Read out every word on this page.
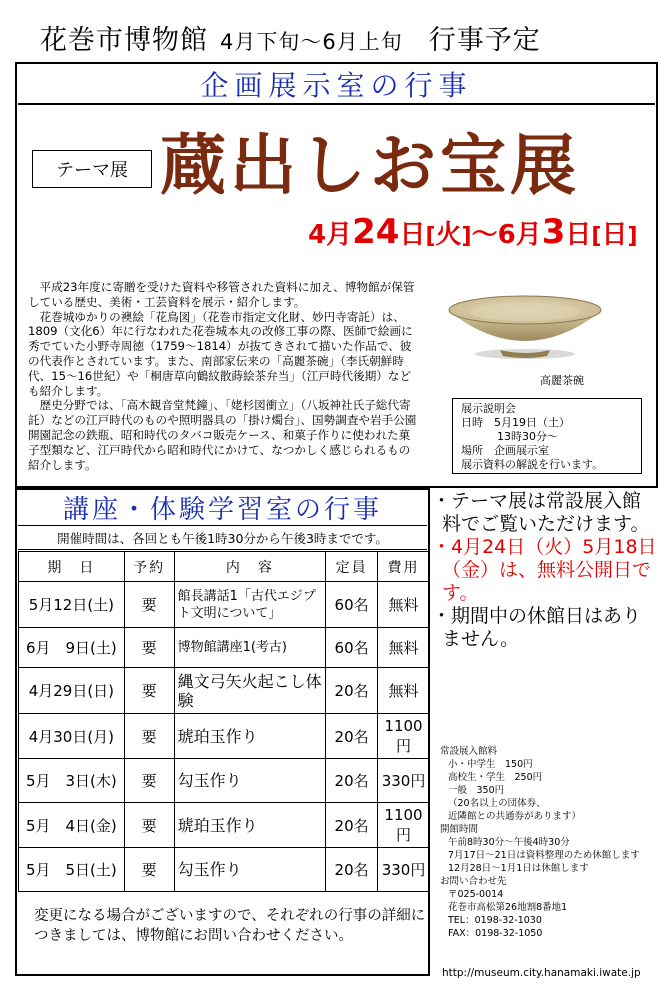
花巻市博物館 4月下旬～6月上旬 行事予定
企画展示室の行事
テーマ展 蔵出しお宝展
4月24日[火]〜6月3日[日]

平成23年度に寄贈を受けた資料や移管された資料に加え、博物館が保管している歴史、美術・工芸資料を展示・紹介します。

花巻城ゆかりの襖絵「花鳥図」（花巻市指定文化財、妙円寺寄託）は、1809（文化6）年に行なわれた花巻城本丸の改修工事の際、医師で絵画に秀でていた小野寺周徳（1759～1814）が抜てきされて描いた作品で、彼の代表作とされています。また、南部家伝来の「高麗茶碗」（李氏朝鮮時代、15～16世紀）や「桐唐草向鶴紋散蒔絵茶弁当」（江戸時代後期）なども紹介します。

歴史分野では、「高木観音堂梵鐘」、「姥杉図衝立」（八坂神社氏子総代寄託）などの江戸時代のものや照明器具の「掛け燭台」、国勢調査や岩手公園開園記念の鉄瓶、昭和時代のタバコ販売ケース、和菓子作りに使われた菓子型類など、江戸時代から昭和時代にかけて、なつかしく感じられるもの紹介します。

高麗茶碗
展示説明会
日時　 5月19日（土）
13時30分～
場所　 企画展示室
展示資料の解説を行います。
講座・体験学習室の行事
開催時間は、各回とも午後1時30分から午後3時までです。
期　日	予約	内　容	定員	費用
5月12日(土)	要	館長講話1「古代エジプト文明について」	60名	無料
6月　9日(土)	要	博物館講座1(考古)	60名	無料
4月29日(日)	要	縄文弓矢火起こし体験	20名	無料
4月30日(月)	要	琥珀玉作り	20名	1100円
5月　3日(木)	要	勾玉作り	20名	330円
5月　4日(金)	要	琥珀玉作り	20名	1100円
5月　5日(土)	要	勾玉作り	20名	330円
変更になる場合がございますので、それぞれの行事の詳細につきましては、博物館にお問い合わせください。
・テーマ展は常設展入館料でご覧いただけます。
・4月24日（火）5月18日（金）は、無料公開日です。
・期間中の休館日はありません。
常設展入館料
小・中学生　150円
高校生・学生　250円
一般　350円
（20名以上の団体券、
近隣館との共通券があります）
開館時間
午前8時30分～午後4時30分
7月17日～21日は資料整理のため休館します
12月28日～1月1日は休館します
お問い合わせ先
〒025-0014
花巻市高松第26地割8番地1
TEL：0198-32-1030
FAX：0198-32-1050
http://museum.city.hanamaki.iwate.jp
